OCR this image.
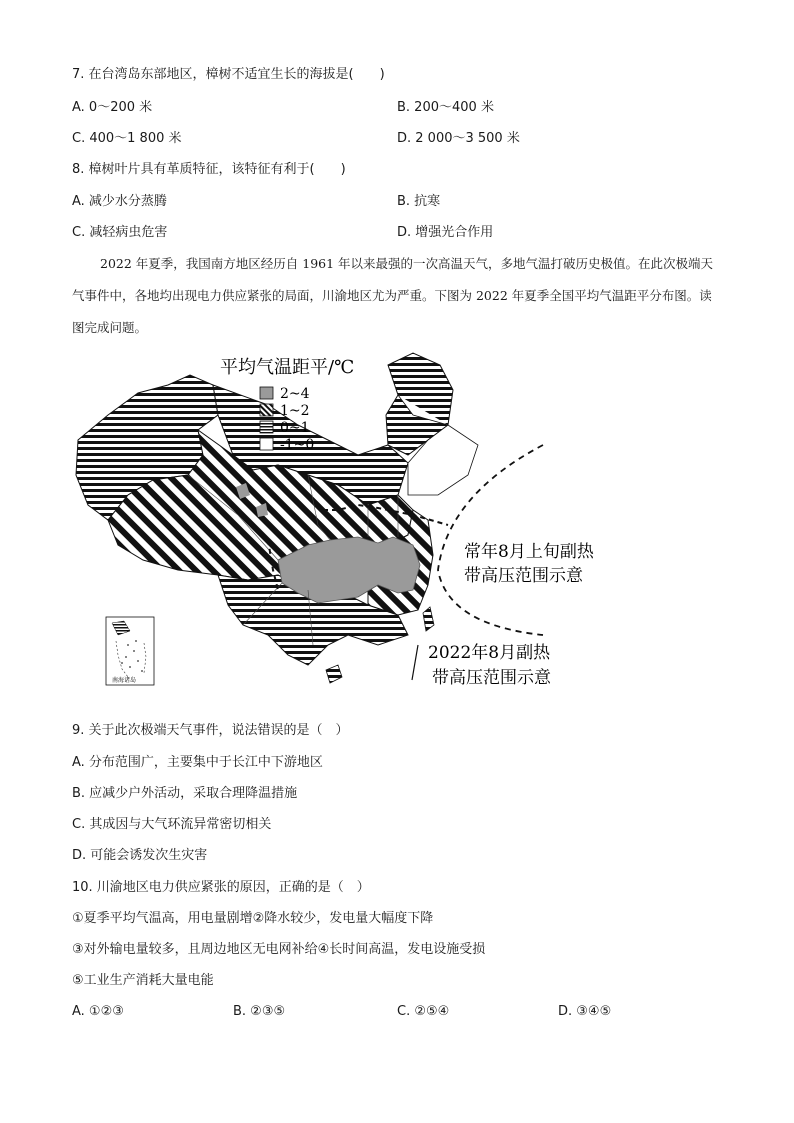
7. 在台湾岛东部地区，樟树不适宜生长的海拔是(　　)
A. 0～200 米	B. 200～400 米
C. 400～1 800 米	D. 2 000～3 500 米
8. 樟树叶片具有革质特征，该特征有利于(　　)
A. 减少水分蒸腾	B. 抗寒
C. 减轻病虫危害	D. 增强光合作用
2022 年夏季，我国南方地区经历自 1961 年以来最强的一次高温天气，多地气温打破历史极值。在此次极端天气事件中，各地均出现电力供应紧张的局面，川渝地区尤为严重。下图为 2022 年夏季全国平均气温距平分布图。读图完成问题。
平均气温距平/℃
2~4
1~2
0~1
-1~0
常年8月上旬副热
带高压范围示意
2022年8月副热
带高压范围示意
南海诸岛
9. 关于此次极端天气事件，说法错误的是（　）
A. 分布范围广，主要集中于长江中下游地区
B. 应减少户外活动，采取合理降温措施
C. 其成因与大气环流异常密切相关
D. 可能会诱发次生灾害
10. 川渝地区电力供应紧张的原因，正确的是（　）
①夏季平均气温高，用电量剧增②降水较少，发电量大幅度下降
③对外输电量较多，且周边地区无电网补给④长时间高温，发电设施受损
⑤工业生产消耗大量电能
A. ①②③	B. ②③⑤	C. ②⑤④	D. ③④⑤
